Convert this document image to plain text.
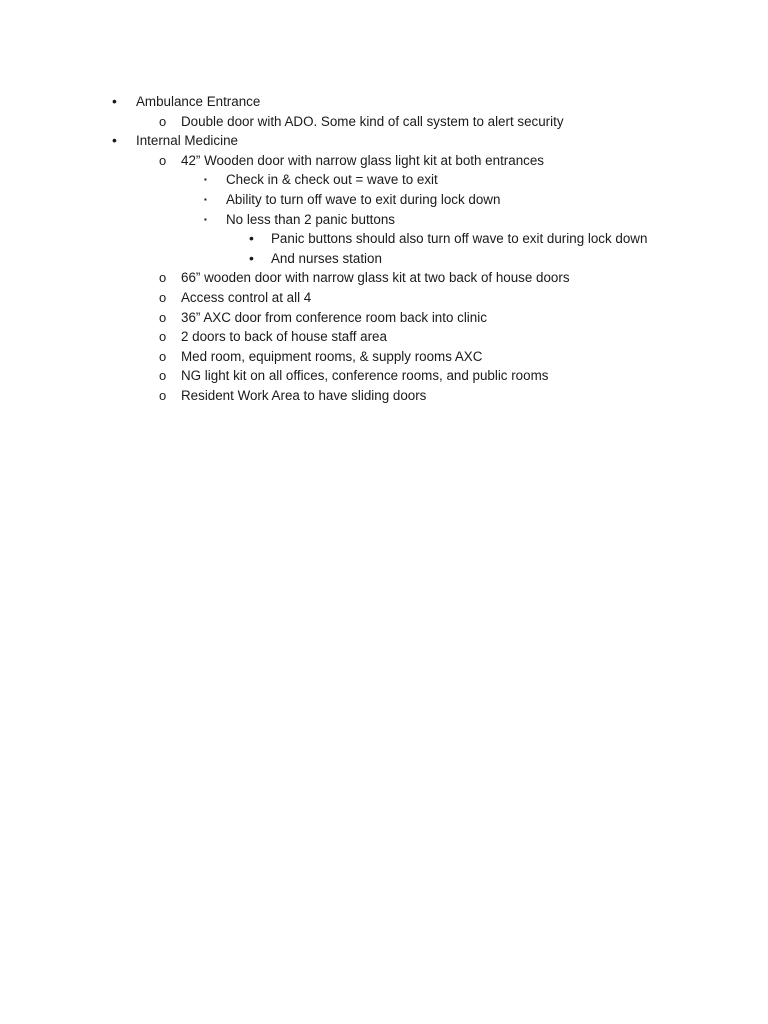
•	Ambulance Entrance
o	Double door with ADO. Some kind of call system to alert security
•	Internal Medicine
o	42” Wooden door with narrow glass light kit at both entrances
▪	Check in & check out = wave to exit
▪	Ability to turn off wave to exit during lock down
▪	No less than 2 panic buttons
•	Panic buttons should also turn off wave to exit during lock down
•	And nurses station
o	66” wooden door with narrow glass kit at two back of house doors
o	Access control at all 4
o	36” AXC door from conference room back into clinic
o	2 doors to back of house staff area
o	Med room, equipment rooms, & supply rooms AXC
o	NG light kit on all offices, conference rooms, and public rooms
o	Resident Work Area to have sliding doors
